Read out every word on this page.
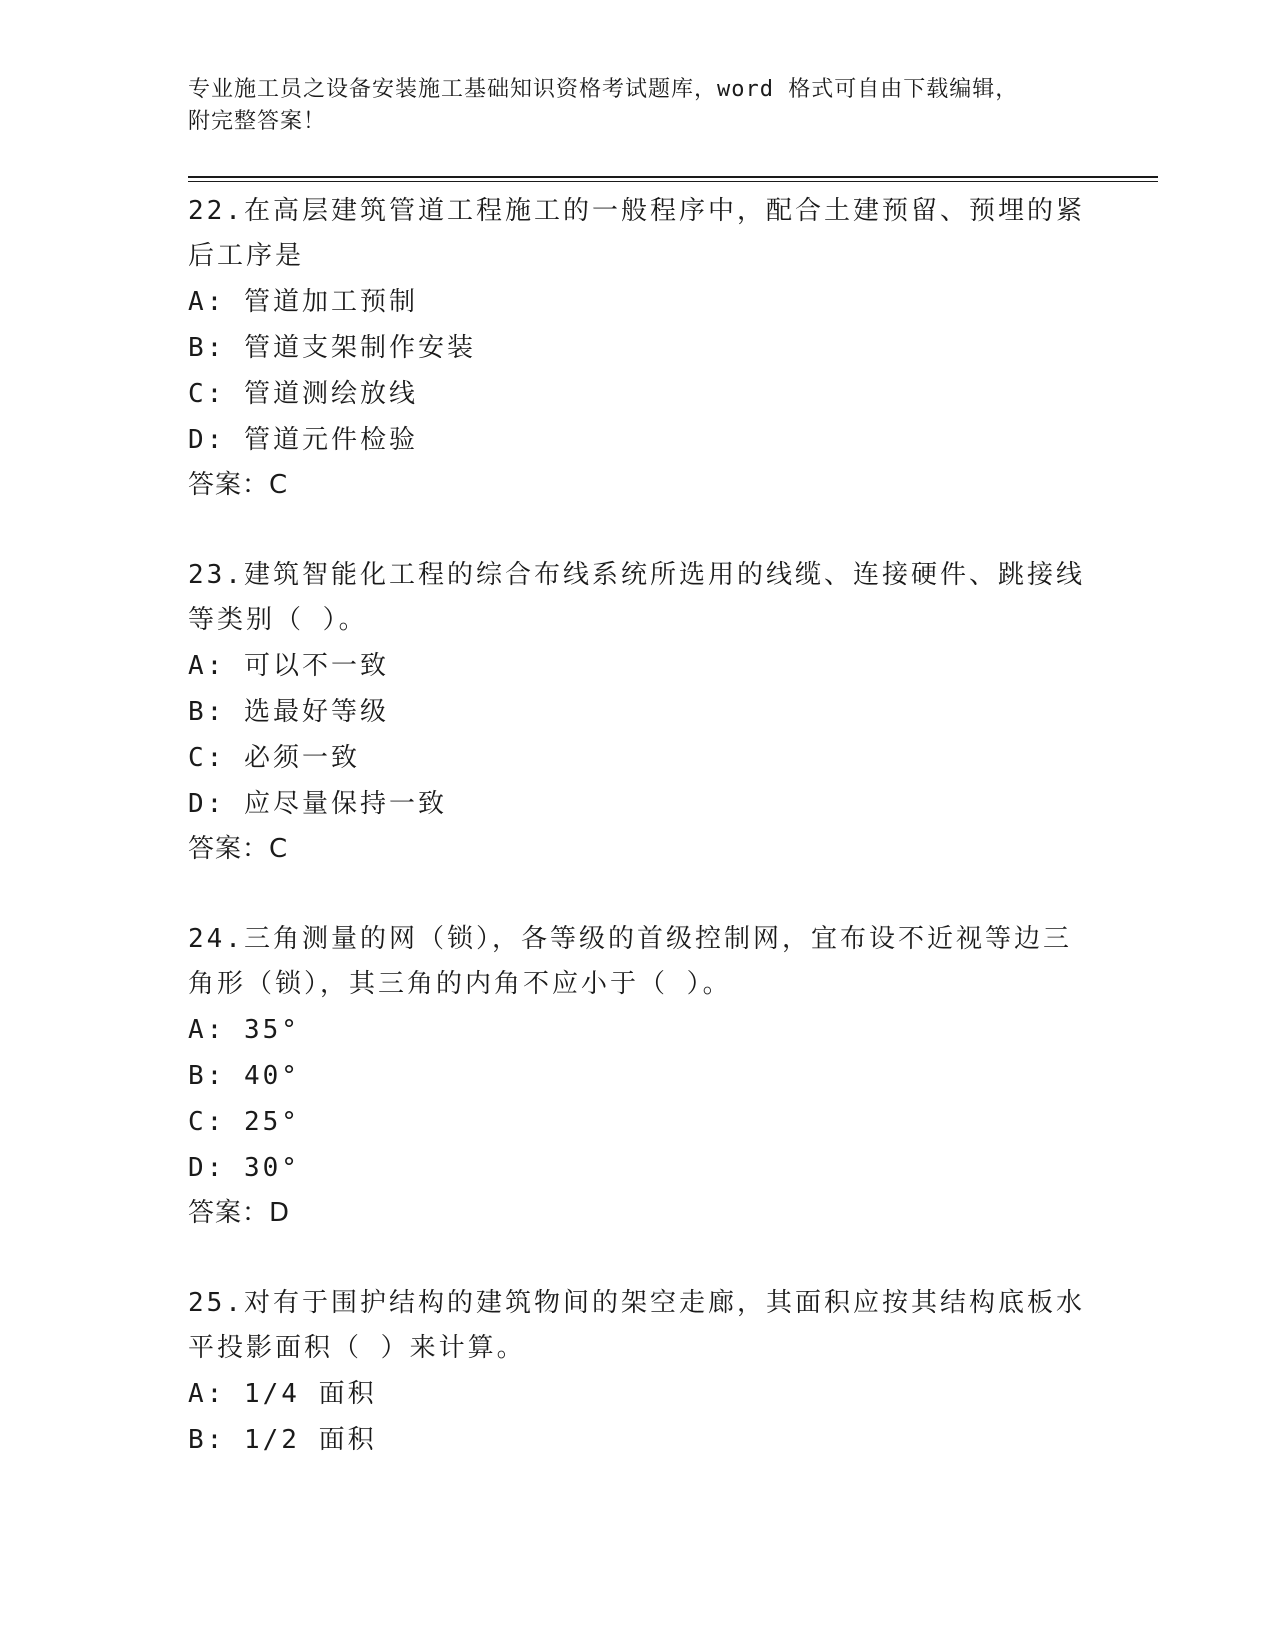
专业施工员之设备安装施工基础知识资格考试题库，word 格式可自由下载编辑，
附完整答案！
22.在高层建筑管道工程施工的一般程序中，配合土建预留、预埋的紧后工序是
A: 管道加工预制
B: 管道支架制作安装
C: 管道测绘放线
D: 管道元件检验
答案：C
23.建筑智能化工程的综合布线系统所选用的线缆、连接硬件、跳接线等类别（ ）。
A: 可以不一致
B: 选最好等级
C: 必须一致
D: 应尽量保持一致
答案：C
24.三角测量的网（锁），各等级的首级控制网，宜布设不近视等边三角形（锁），其三角的内角不应小于（ ）。
A: 35°
B: 40°
C: 25°
D: 30°
答案：D
25.对有于围护结构的建筑物间的架空走廊，其面积应按其结构底板水平投影面积（ ）来计算。
A: 1/4 面积
B: 1/2 面积
